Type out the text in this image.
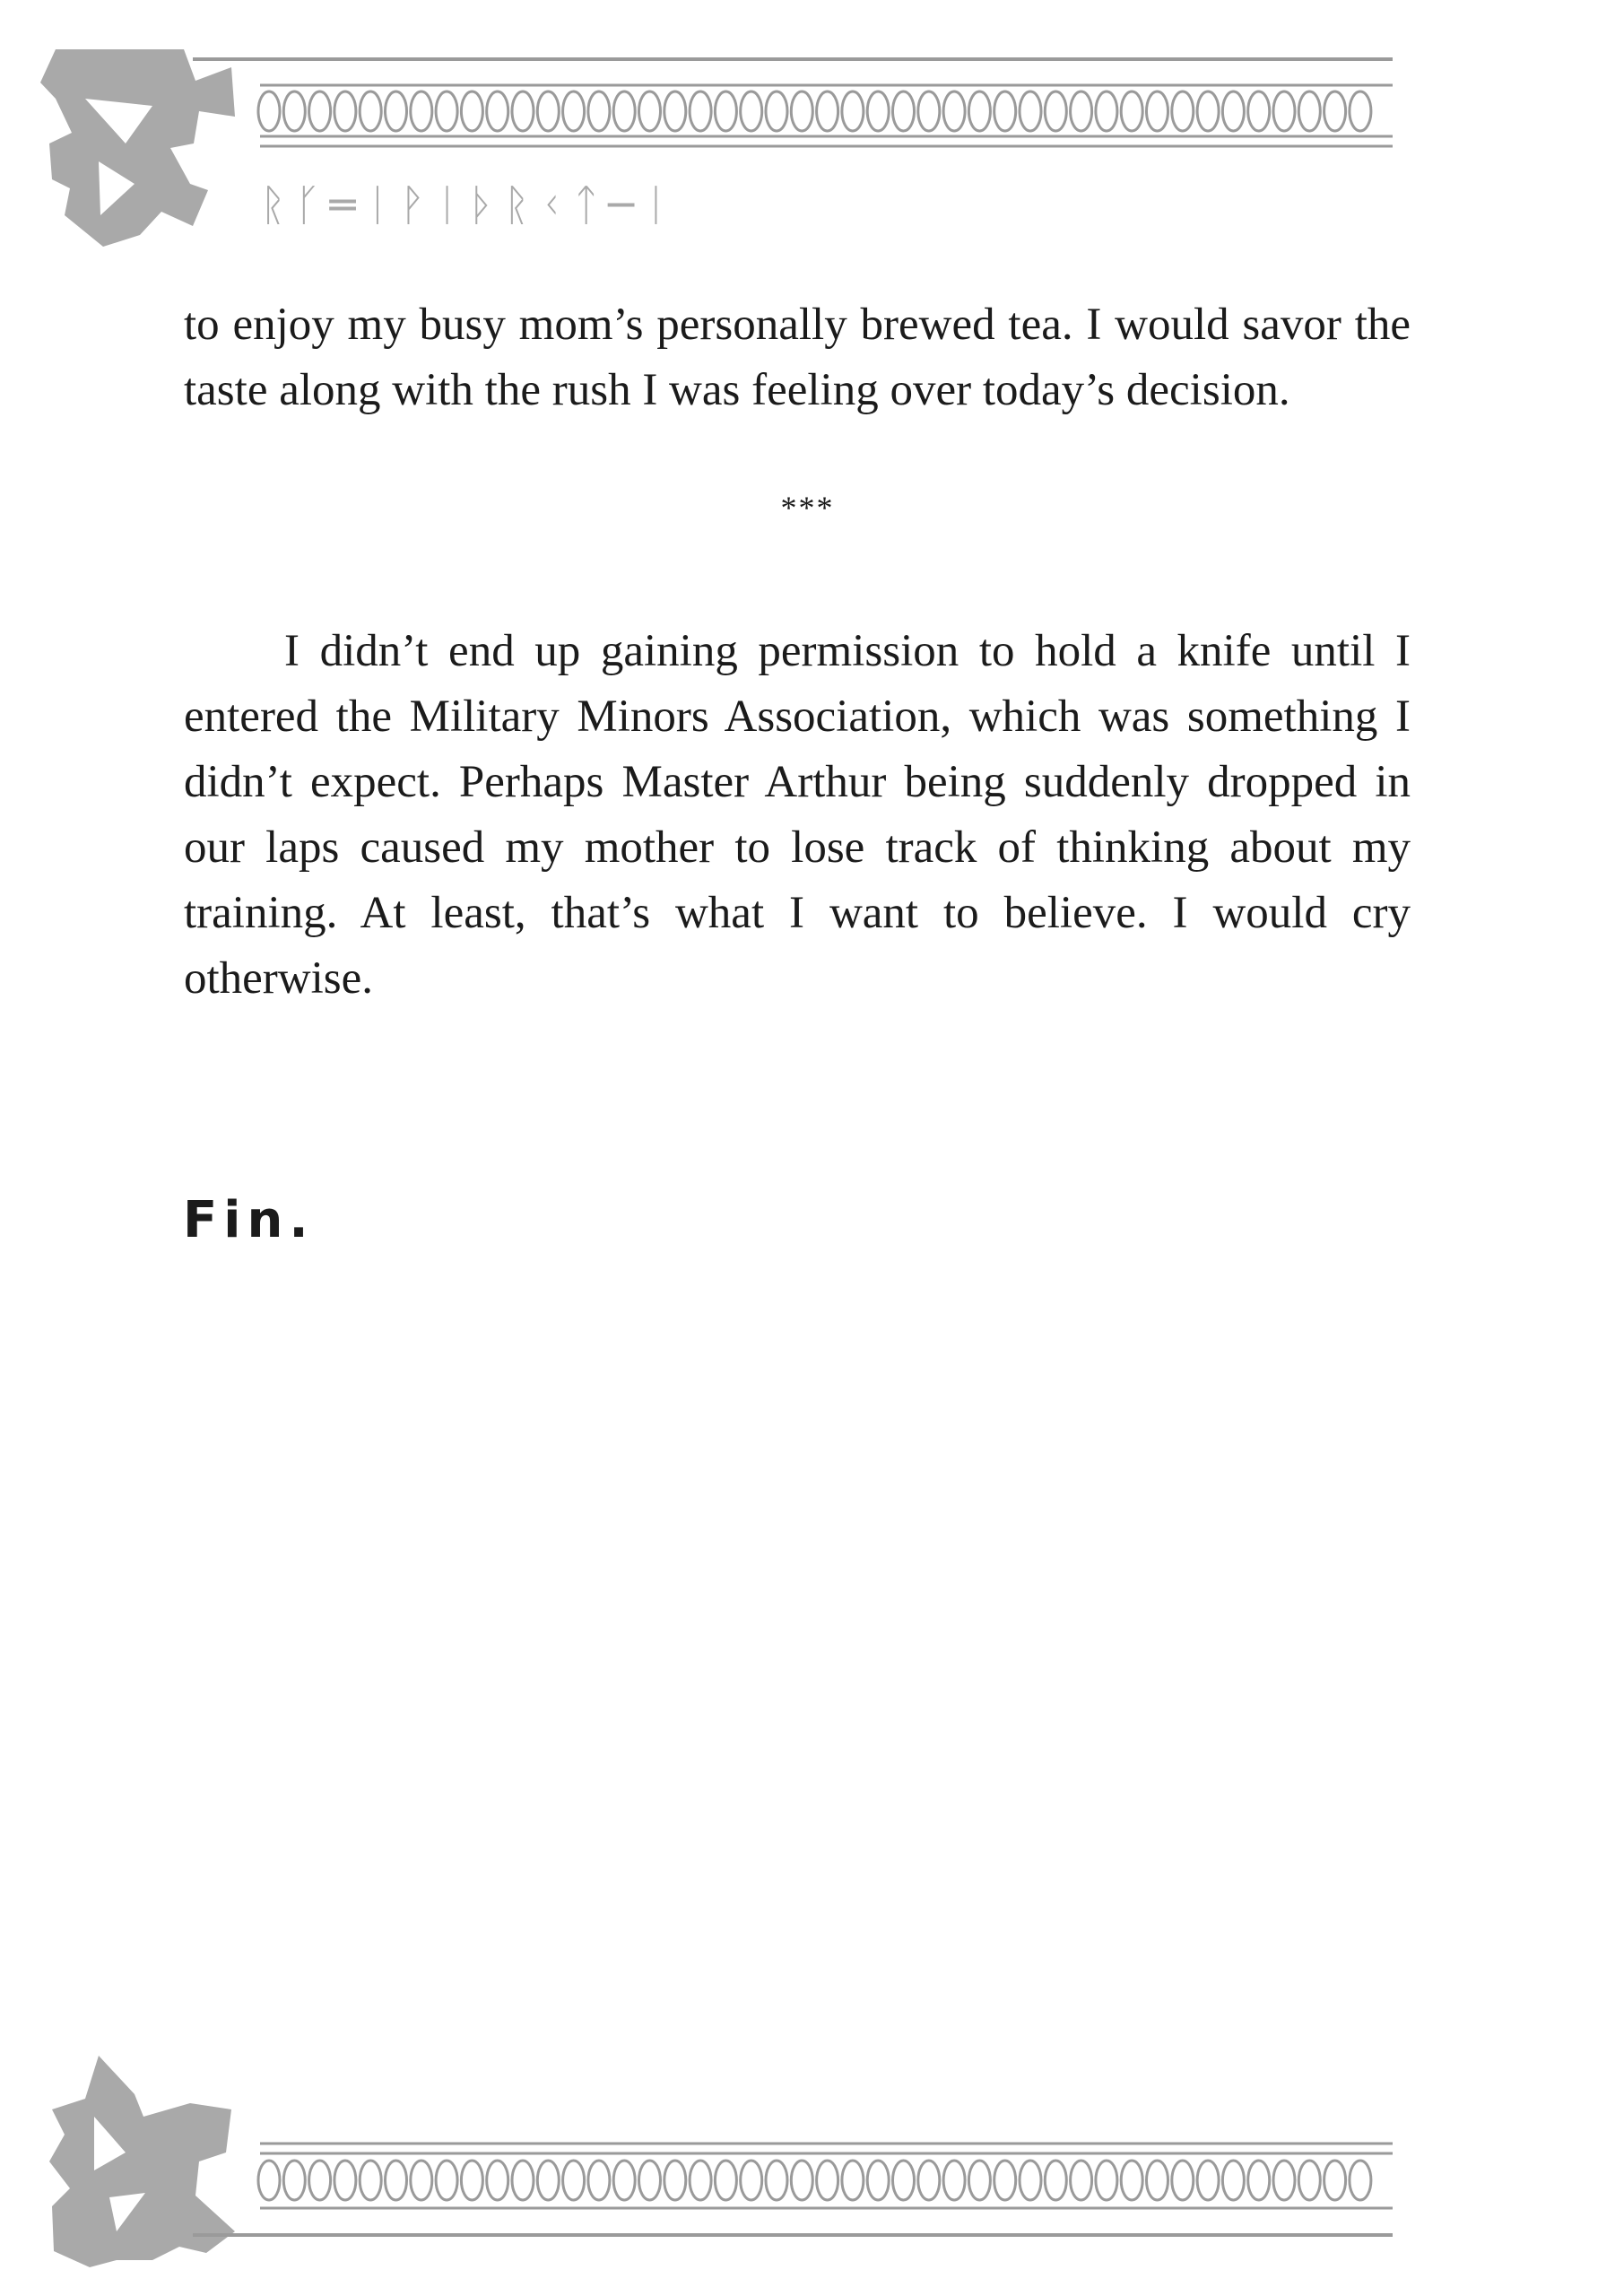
ᚱᚴ═ᛁᚹᛁᚦᚱᚲᛏ─ᛁ

to enjoy my busy mom’s personally brewed tea. I would savor the taste along with the rush I was feeling over today’s decision.

***

I didn’t end up gaining permission to hold a knife until I entered the Military Minors Association, which was something I didn’t expect. Perhaps Master Arthur being suddenly dropped in our laps caused my mother to lose track of thinking about my training. At least, that’s what I want to believe. I would cry otherwise.

Fin.
